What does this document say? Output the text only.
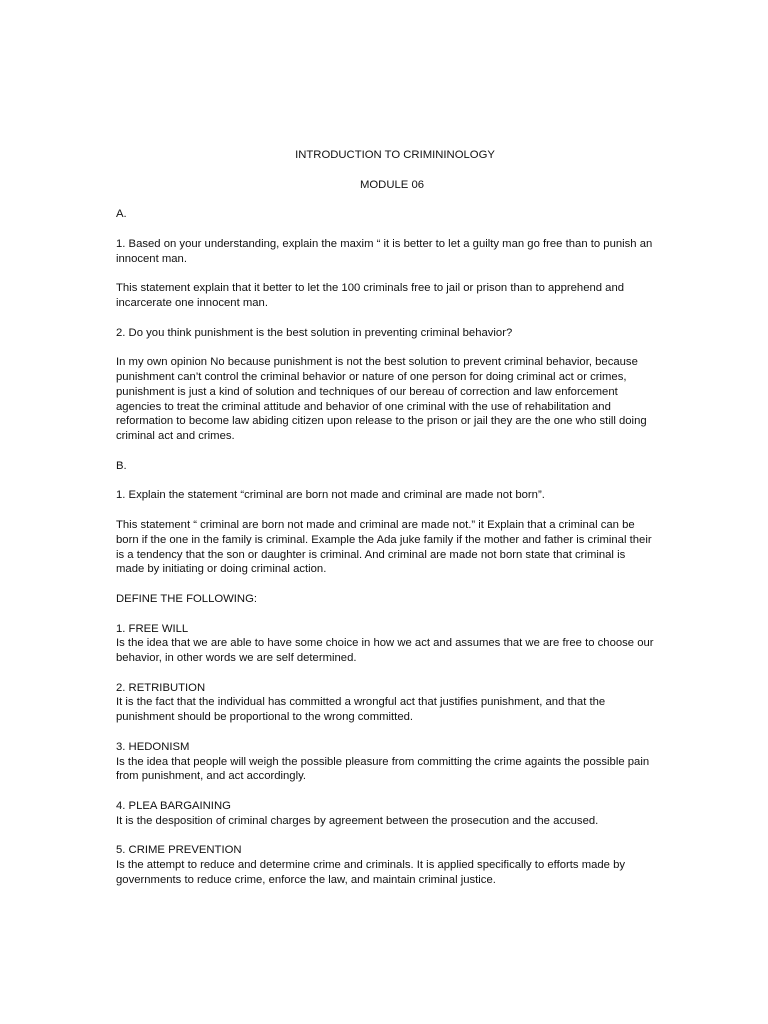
INTRODUCTION TO CRIMININOLOGY
MODULE 06
A.

1. Based on your understanding, explain the maxim “ it is better to let a guilty man go free than to punish an innocent man.

This statement explain that it better to let the 100 criminals free to jail or prison than to apprehend and incarcerate one innocent man.

2. Do you think punishment is the best solution in preventing criminal behavior?

In my own opinion No because punishment is not the best solution to prevent criminal behavior, because punishment can’t control the criminal behavior or nature of one person for doing criminal act or crimes, punishment is just a kind of solution and techniques of our bereau of correction and law enforcement agencies to treat the criminal attitude and behavior of one criminal with the use of rehabilitation and reformation to become law abiding citizen upon release to the prison or jail they are the one who still doing criminal act and crimes.

B.

1. Explain the statement “criminal are born not made and criminal are made not born”.

This statement “ criminal are born not made and criminal are made not.” it Explain that a criminal can be born if the one in the family is criminal. Example the Ada juke family if the mother and father is criminal their is a tendency that the son or daughter is criminal. And criminal are made not born state that criminal is made by initiating or doing criminal action.

DEFINE THE FOLLOWING:

1. FREE WILL
Is the idea that we are able to have some choice in how we act and assumes that we are free to choose our behavior, in other words we are self determined.
2. RETRIBUTION
It is the fact that the individual has committed a wrongful act that justifies punishment, and that the punishment should be proportional to the wrong committed.
3. HEDONISM
Is the idea that people will weigh the possible pleasure from committing the crime againts the possible pain from punishment, and act accordingly.
4. PLEA BARGAINING
It is the desposition of criminal charges by agreement between the prosecution and the accused.
5. CRIME PREVENTION
Is the attempt to reduce and determine crime and criminals. It is applied specifically to efforts made by governments to reduce crime, enforce the law, and maintain criminal justice.
